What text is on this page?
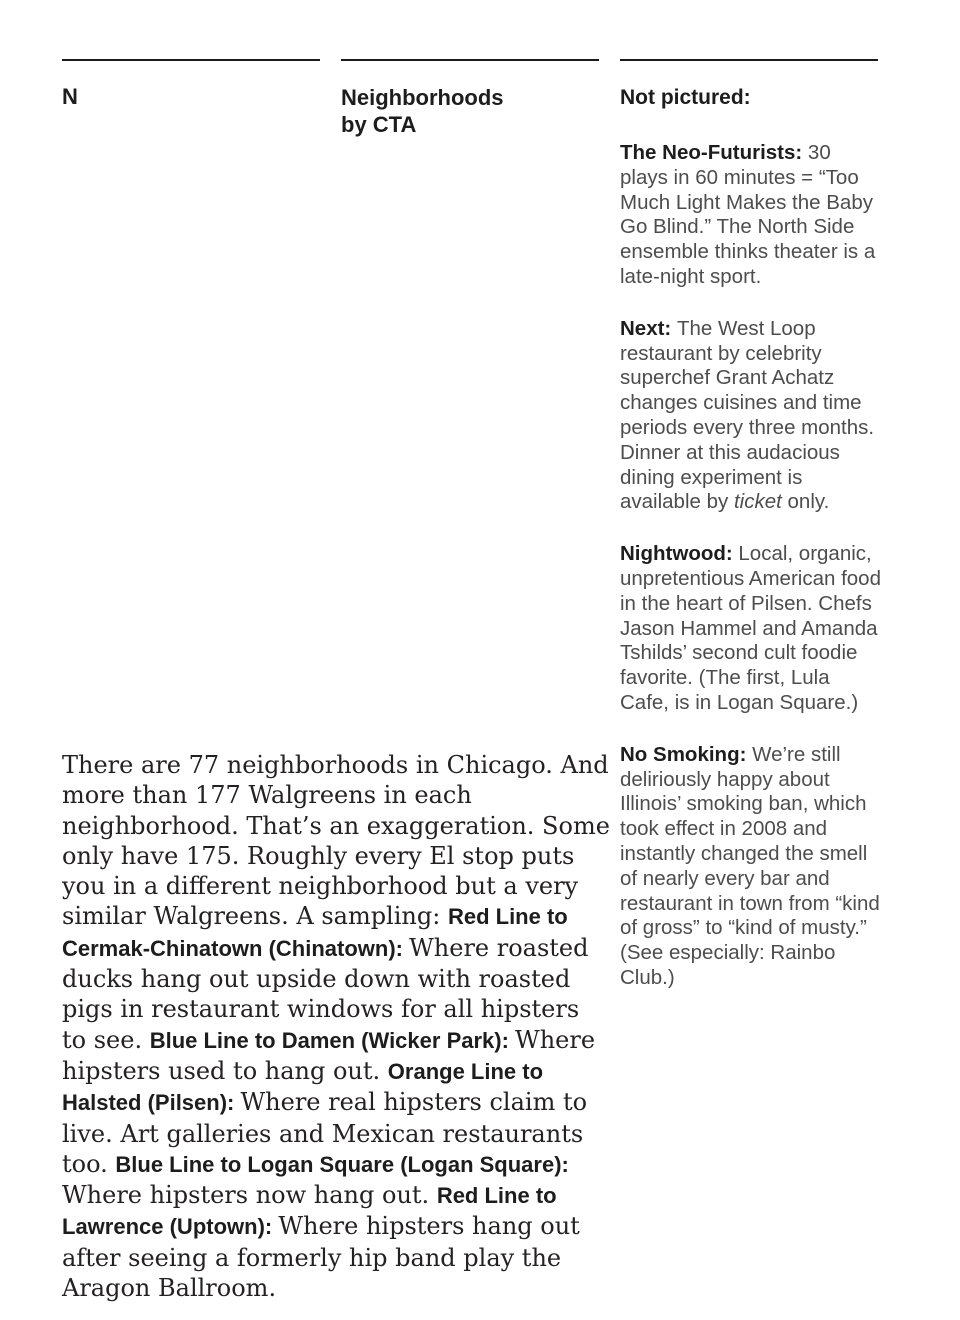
N	Neighborhoods
by CTA
Not pictured:

The Neo-Futurists: 30 plays in 60 minutes = “Too Much Light Makes the Baby Go Blind.” The North Side ensemble thinks theater is a late-night sport.

Next: The West Loop restaurant by celebrity superchef Grant Achatz changes cuisines and time periods every three months. Dinner at this audacious dining experiment is available by ticket only.

Nightwood: Local, organic, unpretentious American food in the heart of Pilsen. Chefs Jason Hammel and Amanda Tshilds’ second cult foodie favorite. (The first, Lula Cafe, is in Logan Square.)

No Smoking: We’re still deliriously happy about Illinois’ smoking ban, which took effect in 2008 and instantly changed the smell of nearly every bar and restaurant in town from “kind of gross” to “kind of musty.” (See especially: Rainbo Club.)

There are 77 neighborhoods in Chicago. And more than 177 Walgreens in each neighborhood. That’s an exaggeration. Some only have 175. Roughly every El stop puts you in a different neighborhood but a very similar Walgreens. A sampling: Red Line to Cermak-Chinatown (Chinatown): Where roasted ducks hang out upside down with roasted pigs in restaurant windows for all hipsters to see. Blue Line to Damen (Wicker Park): Where hipsters used to hang out. Orange Line to Halsted (Pilsen): Where real hipsters claim to live. Art galleries and Mexican restaurants too. Blue Line to Logan Square (Logan Square): Where hipsters now hang out. Red Line to Lawrence (Uptown): Where hipsters hang out after seeing a formerly hip band play the Aragon Ballroom.
